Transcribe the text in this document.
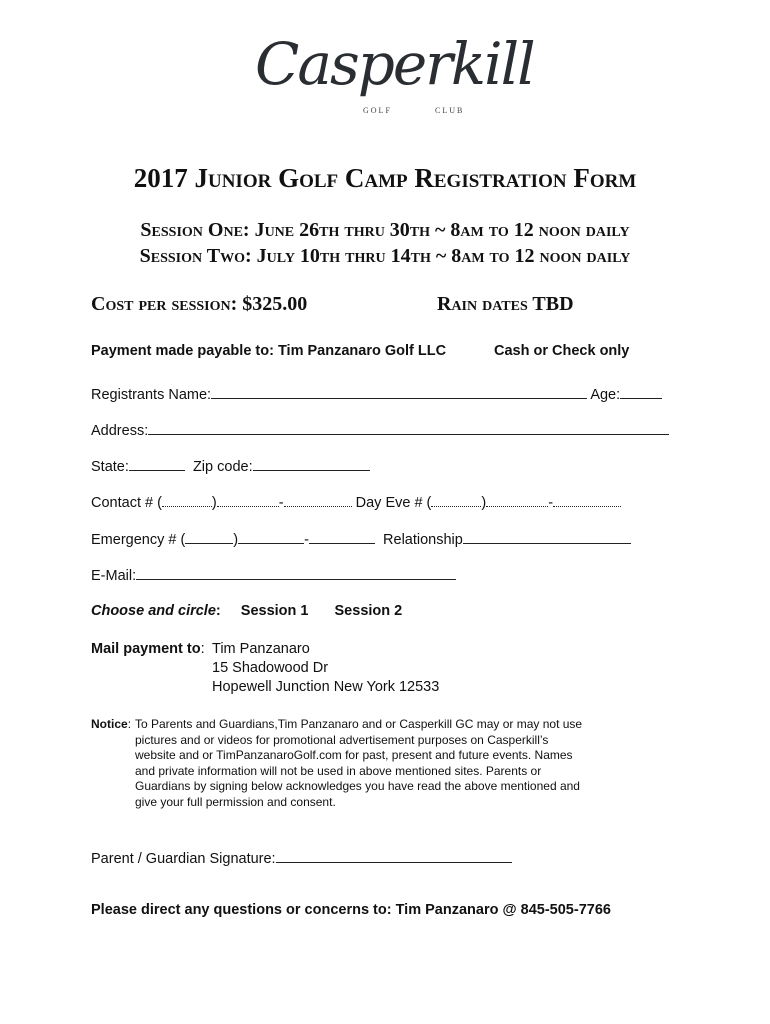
Casperkill
GOLF	CLUB
2017 Junior Golf Camp Registration Form
Session One: June 26th thru 30th ~ 8am to 12 noon daily
Session Two: July 10th thru 14th ~ 8am to 12 noon daily
Cost per session: $325.00	Rain dates TBD
Payment made payable to: Tim Panzanaro Golf LLC	Cash or Check only
Registrants Name:	Age:
Address:
State:	Zip code:
Contact # (	)	-	Day Eve # (	)	-
Emergency # (	)	-	Relationship
E-Mail:
Choose and circle: Session 1 Session 2
Mail payment to: Tim Panzanaro
15 Shadowood Dr
Hopewell Junction New York 12533
Notice: To Parents and Guardians,Tim Panzanaro and or Casperkill GC may or may not use pictures and or videos for promotional advertisement purposes on Casperkill’s website and or TimPanzanaroGolf.com for past, present and future events. Names and private information will not be used in above mentioned sites. Parents or Guardians by signing below acknowledges you have read the above mentioned and give your full permission and consent.
Parent / Guardian Signature:
Please direct any questions or concerns to: Tim Panzanaro @ 845-505-7766
